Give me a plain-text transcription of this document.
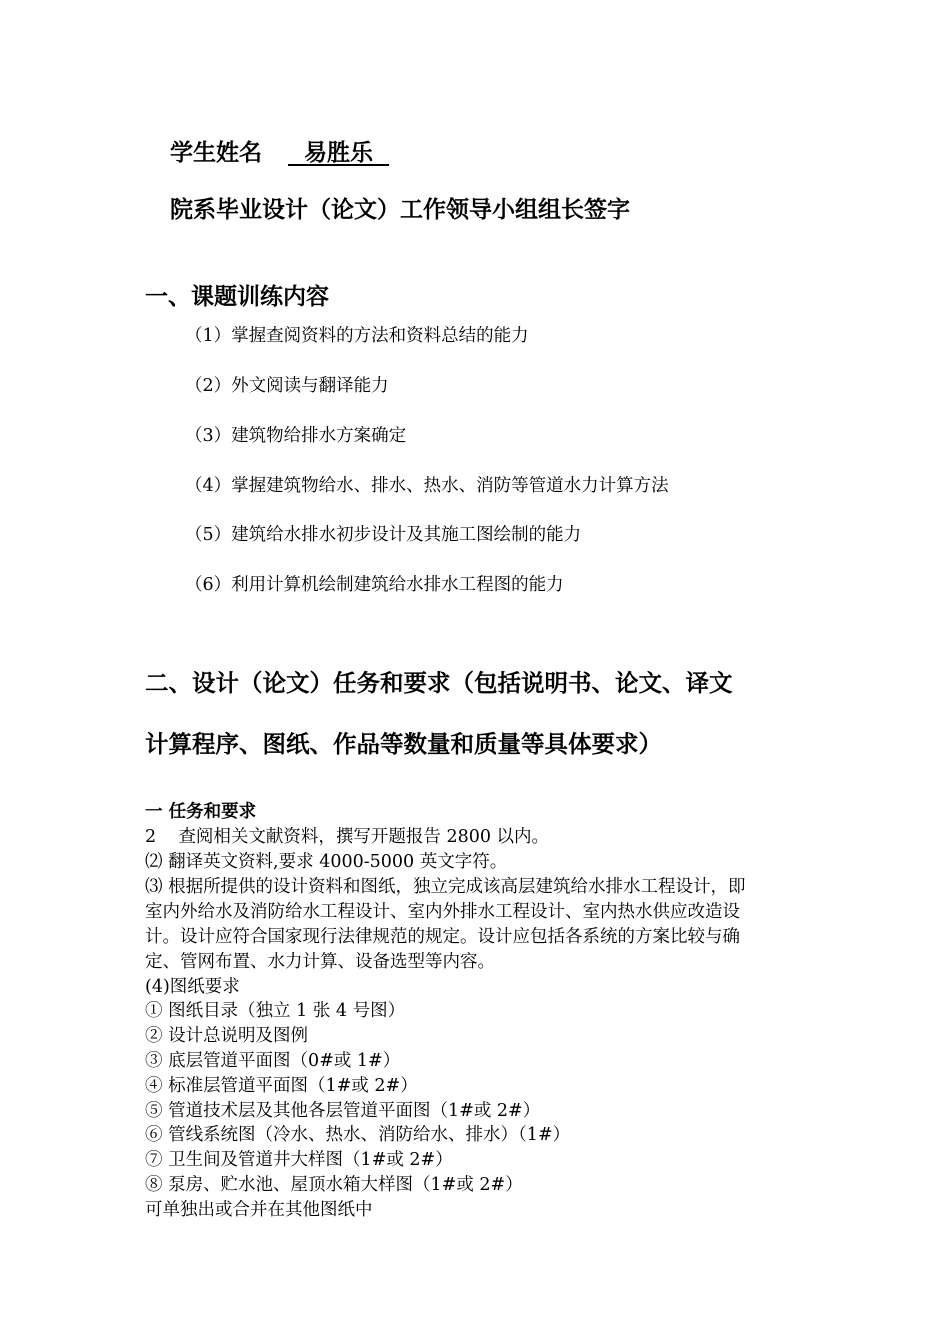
学生姓名    易胜乐
院系毕业设计（论文）工作领导小组组长签字
一、课题训练内容
（1）掌握查阅资料的方法和资料总结的能力
（2）外文阅读与翻译能力
（3）建筑物给排水方案确定
（4）掌握建筑物给水、排水、热水、消防等管道水力计算方法
（5）建筑给水排水初步设计及其施工图绘制的能力
（6）利用计算机绘制建筑给水排水工程图的能力
二、设计（论文）任务和要求（包括说明书、论文、译文
计算程序、图纸、作品等数量和质量等具体要求）
一 任务和要求
2    查阅相关文献资料，撰写开题报告 2800 以内。
⑵ 翻译英文资料,要求 4000-5000 英文字符。
⑶ 根据所提供的设计资料和图纸，独立完成该高层建筑给水排水工程设计，即
室内外给水及消防给水工程设计、室内外排水工程设计、室内热水供应改造设
计。设计应符合国家现行法律规范的规定。设计应包括各系统的方案比较与确
定、管网布置、水力计算、设备选型等内容。
(4)图纸要求
① 图纸目录（独立 1 张 4 号图）
② 设计总说明及图例
③ 底层管道平面图（0#或 1#）
④ 标准层管道平面图（1#或 2#）
⑤ 管道技术层及其他各层管道平面图（1#或 2#）
⑥ 管线系统图（冷水、热水、消防给水、排水）（1#）
⑦ 卫生间及管道井大样图（1#或 2#）
⑧ 泵房、贮水池、屋顶水箱大样图（1#或 2#）
可单独出或合并在其他图纸中
